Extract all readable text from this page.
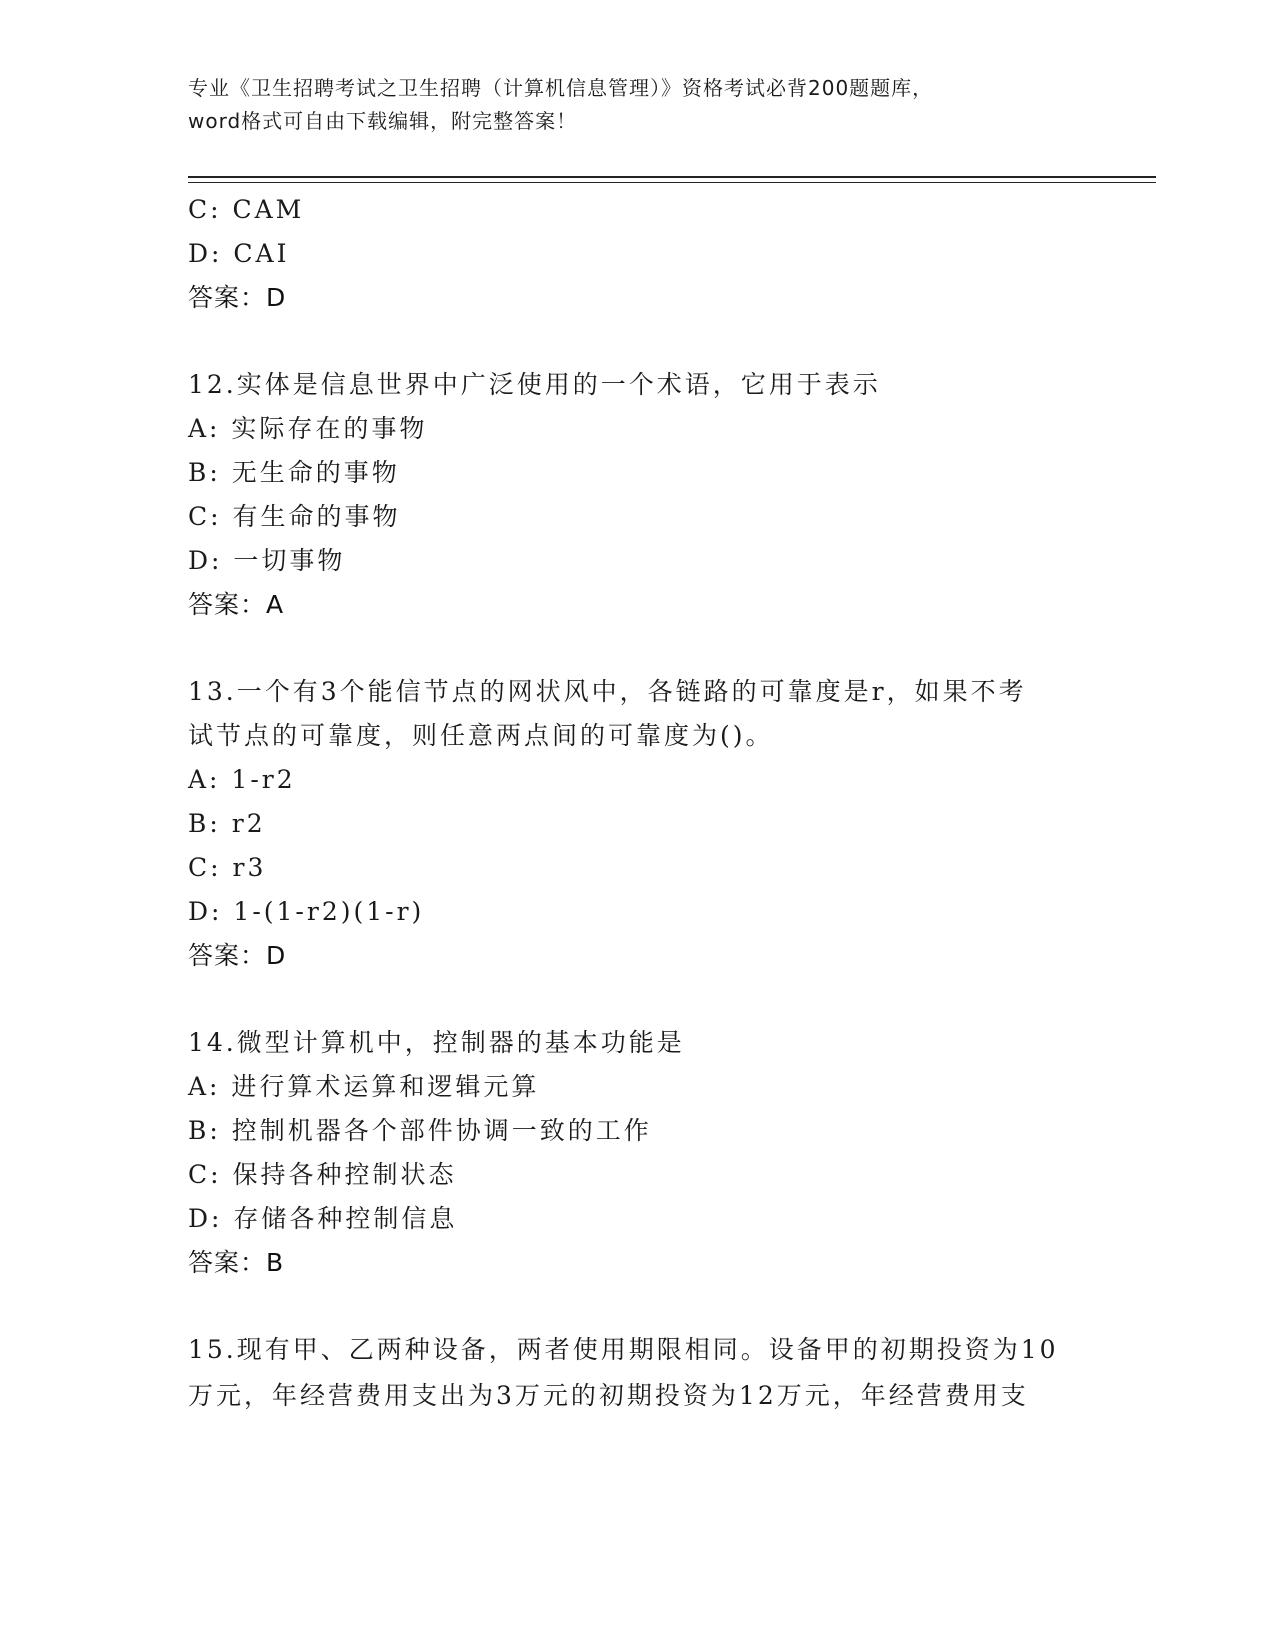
专业《卫生招聘考试之卫生招聘（计算机信息管理）》资格考试必背200题题库，
word格式可自由下载编辑，附完整答案！
C: CAM
D: CAI
答案：D
12.实体是信息世界中广泛使用的一个术语，它用于表示
A: 实际存在的事物
B: 无生命的事物
C: 有生命的事物
D: 一切事物
答案：A
13.一个有3个能信节点的网状风中，各链路的可靠度是r，如果不考
试节点的可靠度，则任意两点间的可靠度为()。
A: 1-r2
B: r2
C: r3
D: 1-(1-r2)(1-r)
答案：D
14.微型计算机中，控制器的基本功能是
A: 进行算术运算和逻辑元算
B: 控制机器各个部件协调一致的工作
C: 保持各种控制状态
D: 存储各种控制信息
答案：B
15.现有甲、乙两种设备，两者使用期限相同。设备甲的初期投资为10
万元，年经营费用支出为3万元的初期投资为12万元，年经营费用支
